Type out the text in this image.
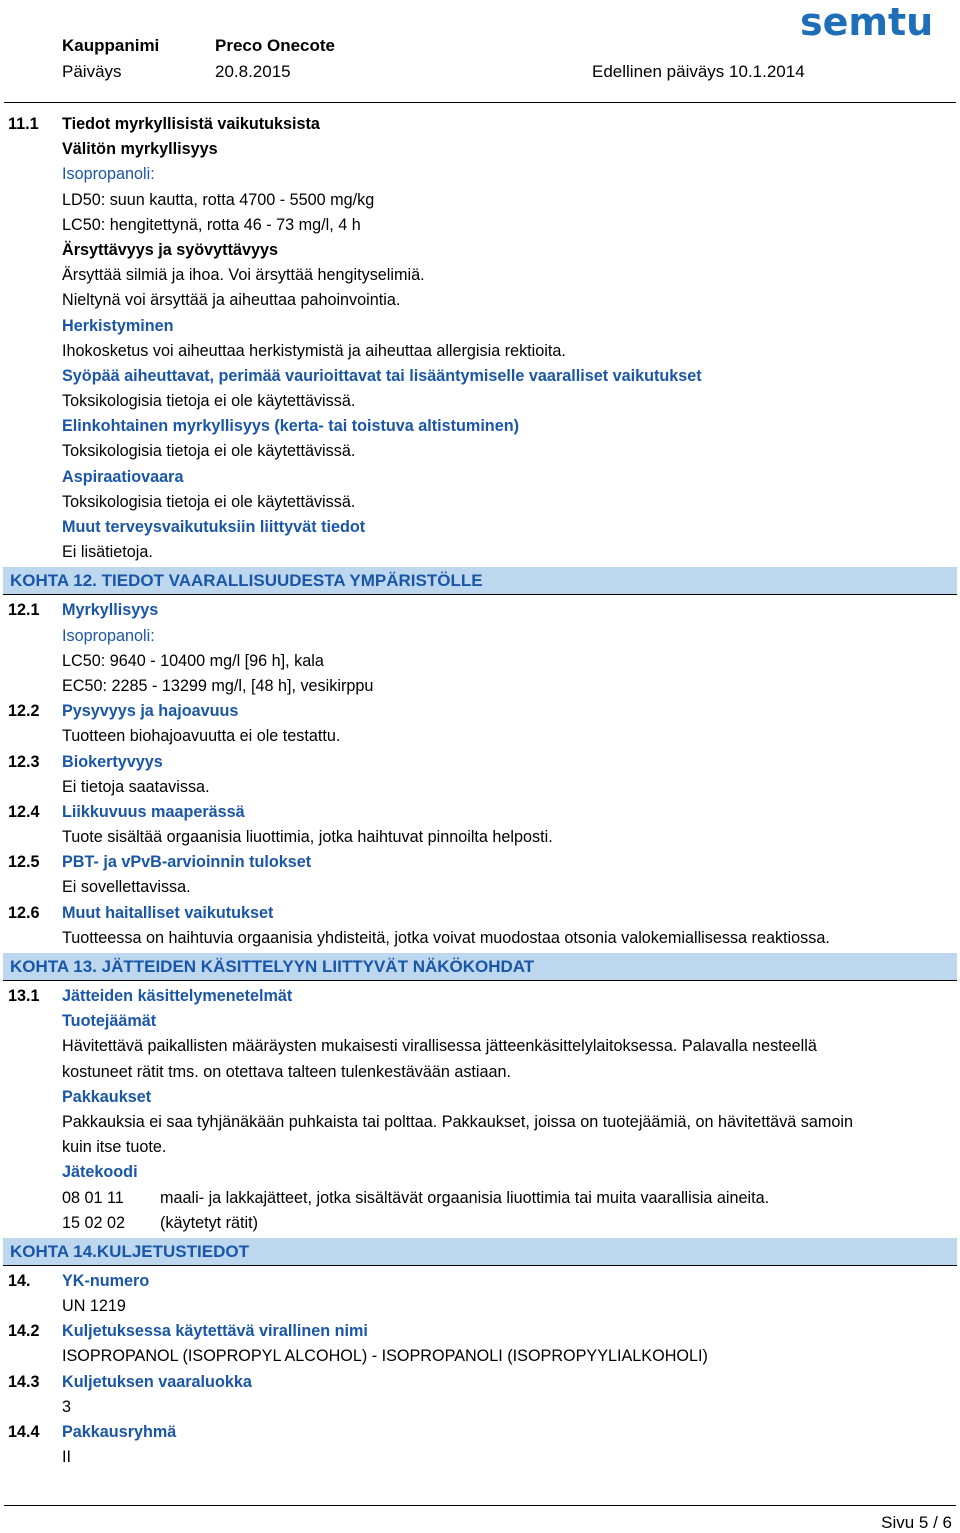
Kauppanimi	Preco Onecote
Päiväys	20.8.2015	Edellinen päiväys 10.1.2014
semtu
11.1 Tiedot myrkyllisistä vaikutuksista
Välitön myrkyllisyys
Isopropanoli:
LD50: suun kautta, rotta 4700 - 5500 mg/kg
LC50: hengitettynä, rotta 46 - 73 mg/l, 4 h
Ärsyttävyys ja syövyttävyys
Ärsyttää silmiä ja ihoa. Voi ärsyttää hengityselimiä.
Nieltynä voi ärsyttää ja aiheuttaa pahoinvointia.
Herkistyminen
Ihokosketus voi aiheuttaa herkistymistä ja aiheuttaa allergisia rektioita.
Syöpää aiheuttavat, perimää vaurioittavat tai lisääntymiselle vaaralliset vaikutukset
Toksikologisia tietoja ei ole käytettävissä.
Elinkohtainen myrkyllisyys (kerta- tai toistuva altistuminen)
Toksikologisia tietoja ei ole käytettävissä.
Aspiraatiovaara
Toksikologisia tietoja ei ole käytettävissä.
Muut terveysvaikutuksiin liittyvät tiedot
Ei lisätietoja.
KOHTA 12. TIEDOT VAARALLISUUDESTA YMPÄRISTÖLLE
12.1 Myrkyllisyys
Isopropanoli:
LC50: 9640 - 10400 mg/l [96 h], kala
EC50: 2285 - 13299 mg/l, [48 h], vesikirppu
12.2 Pysyvyys ja hajoavuus
Tuotteen biohajoavuutta ei ole testattu.
12.3 Biokertyvyys
Ei tietoja saatavissa.
12.4 Liikkuvuus maaperässä
Tuote sisältää orgaanisia liuottimia, jotka haihtuvat pinnoilta helposti.
12.5 PBT- ja vPvB-arvioinnin tulokset
Ei sovellettavissa.
12.6 Muut haitalliset vaikutukset
Tuotteessa on haihtuvia orgaanisia yhdisteitä, jotka voivat muodostaa otsonia valokemiallisessa reaktiossa.
KOHTA 13. JÄTTEIDEN KÄSITTELYYN LIITTYVÄT NÄKÖKOHDAT
13.1 Jätteiden käsittelymenetelmät
Tuotejäämät
Hävitettävä paikallisten määräysten mukaisesti virallisessa jätteenkäsittelylaitoksessa. Palavalla nesteellä
kostuneet rätit tms. on otettava talteen tulenkestävään astiaan.
Pakkaukset
Pakkauksia ei saa tyhjänäkään puhkaista tai polttaa. Pakkaukset, joissa on tuotejäämiä, on hävitettävä samoin
kuin itse tuote.
Jätekoodi
08 01 11 maali- ja lakkajätteet, jotka sisältävät orgaanisia liuottimia tai muita vaarallisia aineita.
15 02 02 (käytetyt rätit)
KOHTA 14.KULJETUSTIEDOT
14. YK-numero
UN 1219
14.2 Kuljetuksessa käytettävä virallinen nimi
ISOPROPANOL (ISOPROPYL ALCOHOL) - ISOPROPANOLI (ISOPROPYYLIALKOHOLI)
14.3 Kuljetuksen vaaraluokka
3
14.4 Pakkausryhmä
II
Sivu 5 / 6
